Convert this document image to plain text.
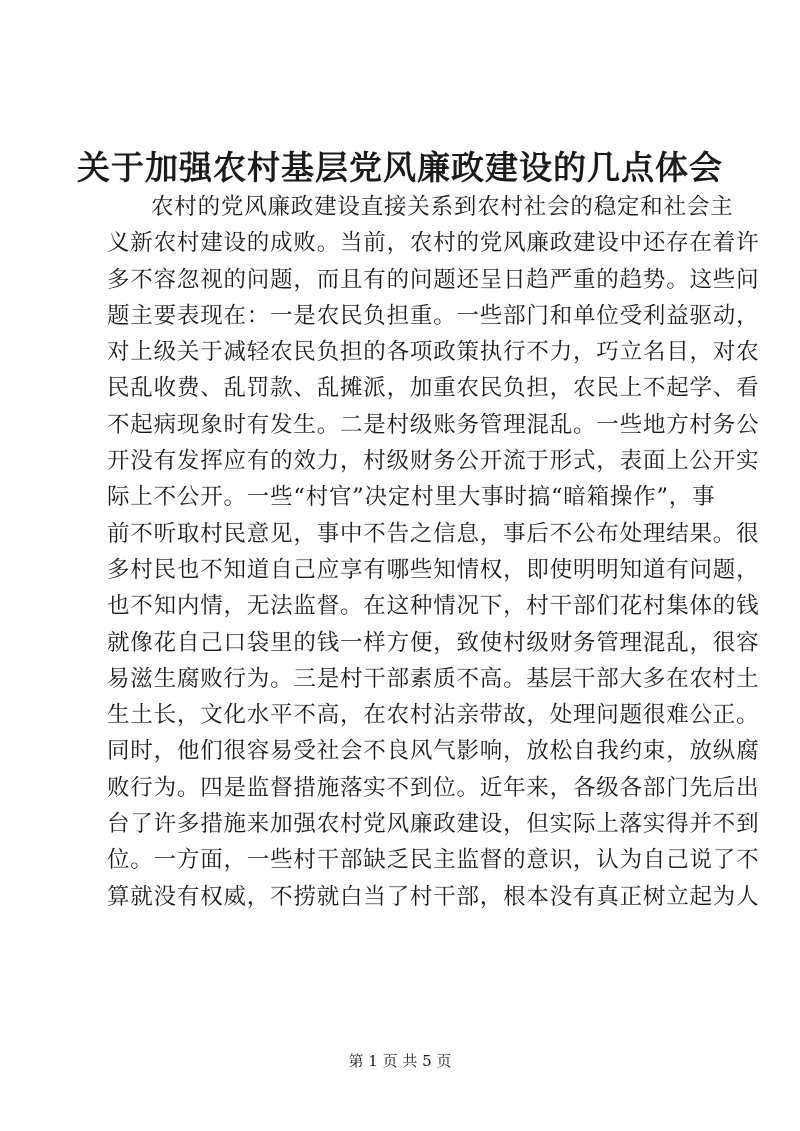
关于加强农村基层党风廉政建设的几点体会
农村的党风廉政建设直接关系到农村社会的稳定和社会主
义新农村建设的成败。当前，农村的党风廉政建设中还存在着许
多不容忽视的问题，而且有的问题还呈日趋严重的趋势。这些问
题主要表现在：一是农民负担重。一些部门和单位受利益驱动，
对上级关于减轻农民负担的各项政策执行不力，巧立名目，对农
民乱收费、乱罚款、乱摊派，加重农民负担，农民上不起学、看
不起病现象时有发生。二是村级账务管理混乱。一些地方村务公
开没有发挥应有的效力，村级财务公开流于形式，表面上公开实
际上不公开。一些“村官”决定村里大事时搞“暗箱操作”，事
前不听取村民意见，事中不告之信息，事后不公布处理结果。很
多村民也不知道自己应享有哪些知情权，即使明明知道有问题，
也不知内情，无法监督。在这种情况下，村干部们花村集体的钱
就像花自己口袋里的钱一样方便，致使村级财务管理混乱，很容
易滋生腐败行为。三是村干部素质不高。基层干部大多在农村土
生土长，文化水平不高，在农村沾亲带故，处理问题很难公正。
同时，他们很容易受社会不良风气影响，放松自我约束，放纵腐
败行为。四是监督措施落实不到位。近年来，各级各部门先后出
台了许多措施来加强农村党风廉政建设，但实际上落实得并不到
位。一方面，一些村干部缺乏民主监督的意识，认为自己说了不
算就没有权威，不捞就白当了村干部，根本没有真正树立起为人
第 1 页 共 5 页
